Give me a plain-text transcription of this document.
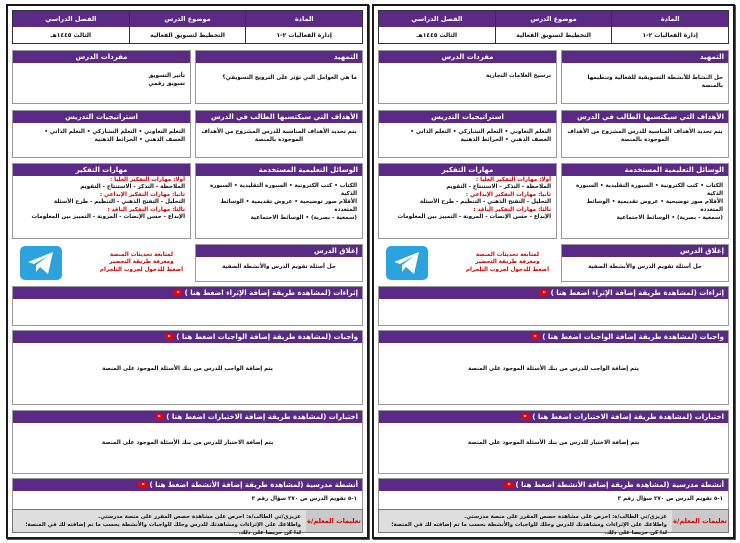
المادة
موضوع الدرس
الفصل الدراسي
إدارة الفعاليات ٢-١
التخطيط لتسويق الفعالية
الثالث ١٤٤٥هـ
التمهيد
حل النشاط للأنشطة التسويقية للفعالية وتنظيمها بالمنصة
مفردات الدرس
ترسيخ العلامات التجارية
الأهداف التي سيكتسبها الطالب في الدرس
يتم تحديد الأهداف المناسبة للدرس المشروح من الأهداف الموجودة بالمنصة
استراتيجيات التدريس
التعلم التعاوني • التعلم التشاركي • التعلم الذاتي •
العصف الذهني • الخرائط الذهنية
الوسائل التعليمية المستخدمة
الكتاب • كتب الكترونية • السبورة التقليدية • السبورة الذكية
الأقلام صور توضيحية • عروض تقديمية • الوسائط المتعددة
(سمعية - بصرية) • الوسائط الاجتماعية
مهارات التفكير
أولا: مهارات التفكير العليا :
الملاحظة - التذكر - الاستنتاج - التقويم
ثانيا: مهارات التفكير الإبداعي :
التحليل - التفتح الذهني - التنظيم - طرح الأسئلة
ثالثا: مهارات التفكير الناقد :
الإبداع - حسن الإنصات - المرونة - التمييز بين المعلومات
إغلاق الدرس
حل أسئلة تقويم الدرس والأنشطة الصفية
لمتابعة تحديثات المنصة
ومعرفة طريقة التحضير
اضغط للدخول لجروب التلجرام
إثراءات (لمشاهدة طريقة إضافة الإثراء اضغط هنا )
واجبات (لمشاهدة طريقة إضافة الواجبات اضغط هنا )
يتم إضافة الواجب للدرس من بنك الأسئلة الموجود على المنصة
اختبارات (لمشاهدة طريقة إضافة الاختبارات اضغط هنا )
يتم إضافة الاختبار للدرس من بنك الأسئلة الموجود على المنصة
أنشطة مدرسية (لمشاهدة طريقة إضافة الأنشطة اضغط هنا )
١-٥ تقويم الدرس ص ٢٧٠ سؤال رقم ٣
تعليمات المعلم/ة
عزيزي/تي الطالب/ة: احرص على مشاهدة حصص المقرر على منصة مدرستي.
واطلاعك على الإثراءات ومشاهدتك للدرس وحلك للواجبات والأنشطة بحسب ما تم إضافته لك في المنصة؛ لذا كن حريصا على ذلك.
المادة
موضوع الدرس
الفصل الدراسي
إدارة الفعاليات ٢-١
التخطيط لتسويق الفعالية
الثالث ١٤٤٥هـ
التمهيد
ما هي العوامل التي تؤثر على الترويج التسويقي؟
مفردات الدرس
تأثير التسويق
تسويق رقمي
الأهداف التي سيكتسبها الطالب في الدرس
يتم تحديد الأهداف المناسبة للدرس المشروح من الأهداف الموجودة بالمنصة
استراتيجيات التدريس
التعلم التعاوني • التعلم التشاركي • التعلم الذاتي •
العصف الذهني • الخرائط الذهنية
الوسائل التعليمية المستخدمة
الكتاب • كتب الكترونية • السبورة التقليدية • السبورة الذكية
الأقلام صور توضيحية • عروض تقديمية • الوسائط المتعددة
(سمعية - بصرية) • الوسائط الاجتماعية
مهارات التفكير
أولا: مهارات التفكير العليا :
الملاحظة - التذكر - الاستنتاج - التقويم
ثانيا: مهارات التفكير الإبداعي :
التحليل - التفتح الذهني - التنظيم - طرح الأسئلة
ثالثا: مهارات التفكير الناقد :
الإبداع - حسن الإنصات - المرونة - التمييز بين المعلومات
إغلاق الدرس
حل أسئلة تقويم الدرس والأنشطة الصفية
لمتابعة تحديثات المنصة
ومعرفة طريقة التحضير
اضغط للدخول لجروب التلجرام
إثراءات (لمشاهدة طريقة إضافة الإثراء اضغط هنا )
واجبات (لمشاهدة طريقة إضافة الواجبات اضغط هنا )
يتم إضافة الواجب للدرس من بنك الأسئلة الموجود على المنصة
اختبارات (لمشاهدة طريقة إضافة الاختبارات اضغط هنا )
يتم إضافة الاختبار للدرس من بنك الأسئلة الموجود على المنصة
أنشطة مدرسية (لمشاهدة طريقة إضافة الأنشطة اضغط هنا )
١-٥ تقويم الدرس ص ٢٧٠ سؤال رقم ٣
تعليمات المعلم/ة
عزيزي/تي الطالب/ة: احرص على مشاهدة حصص المقرر على منصة مدرستي.
واطلاعك على الإثراءات ومشاهدتك للدرس وحلك للواجبات والأنشطة بحسب ما تم إضافته لك في المنصة؛ لذا كن حريصا على ذلك.
